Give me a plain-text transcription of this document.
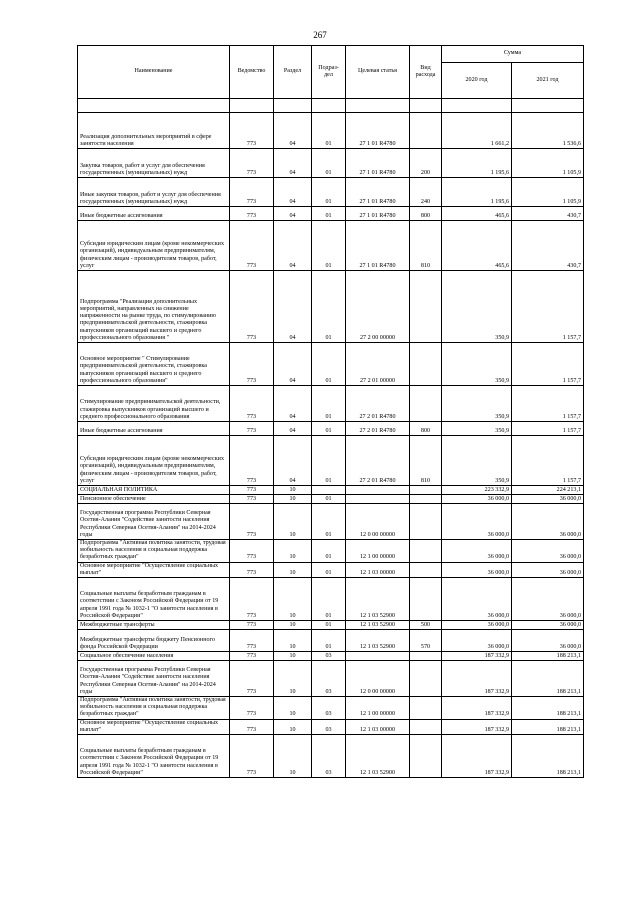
267
Наименование	Ведомство	Раздел	Подраз-дел	Целевая статья	Вид расхода	Сумма	
						2020 год	2021 год

Реализация дополнительных мероприятий в сфере занятости населения	773	04	01	27 1 01 R4780		1 661,2	1 536,6
Закупка товаров, работ и услуг для обеспечения государственных (муниципальных) нужд	773	04	01	27 1 01 R4780	200	1 195,6	1 105,9
Иные закупки товаров, работ и услуг для обеспечения государственных (муниципальных) нужд	773	04	01	27 1 01 R4780	240	1 195,6	1 105,9
Иные бюджетные ассигнования	773	04	01	27 1 01 R4780	800	465,6	430,7
Субсидии юридическим лицам (кроме некоммерческих организаций), индивидуальным предпринимателям, физическим лицам - производителям товаров, работ, услуг	773	04	01	27 1 01 R4780	810	465,6	430,7
Подпрограмма "Реализация дополнительных мероприятий, направленных на снижение напряженности на рынке труда, по стимулированию предпринимательской деятельности, стажировка выпускников организаций высшего и среднего профессионального образования "	773	04	01	27 2 00 00000		350,9	1 157,7
Основное мероприятие " Стимулирование предпринимательской деятельности, стажировка выпускников организаций высшего и среднего профессионального образования"	773	04	01	27 2 01 00000		350,9	1 157,7
Стимулирование предпринимательской деятельности, стажировка выпускников организаций высшего и среднего профессионального образования	773	04	01	27 2 01 R4780		350,9	1 157,7
Иные бюджетные ассигнования	773	04	01	27 2 01 R4780	800	350,9	1 157,7
Субсидии юридическим лицам (кроме некоммерческих организаций), индивидуальным предпринимателям, физическим лицам - производителям товаров, работ, услуг	773	04	01	27 2 01 R4780	810	350,9	1 157,7
СОЦИАЛЬНАЯ ПОЛИТИКА	773	10				223 332,9	224 213,1
Пенсионное обеспечение	773	10	01			36 000,0	36 000,0
Государственная программа Республики Северная Осетия-Алания "Содействие занятости населения Республики Северная Осетия-Алания" на 2014-2024 годы	773	10	01	12 0 00 00000		36 000,0	36 000,0
Подпрограмма "Активная политика занятости, трудовая мобильность населения и социальная поддержка безработных граждан"	773	10	01	12 1 00 00000		36 000,0	36 000,0
Основное мероприятие "Осуществление социальных выплат"	773	10	01	12 1 03 00000		36 000,0	36 000,0
Социальные выплаты безработным гражданам в соответствии с Законом Российской Федерации от 19 апреля 1991 года № 1032-1 "О занятости населения в Российской Федерации"	773	10	01	12 1 03 52900		36 000,0	36 000,0
Межбюджетные трансферты	773	10	01	12 1 03 52900	500	36 000,0	36 000,0
Межбюджетные трансферты бюджету Пенсионного фонда Российской Федерации	773	10	01	12 1 03 52900	570	36 000,0	36 000,0
Социальное обеспечение населения	773	10	03			187 332,9	188 213,1
Государственная программа Республики Северная Осетия-Алания "Содействие занятости населения Республики Северная Осетия-Алания" на 2014-2024 годы	773	10	03	12 0 00 00000		187 332,9	188 213,1
Подпрограмма "Активная политика занятости, трудовая мобильность населения и социальная поддержка безработных граждан"	773	10	03	12 1 00 00000		187 332,9	188 213,1
Основное мероприятие "Осуществление социальных выплат"	773	10	03	12 1 03 00000		187 332,9	188 213,1
Социальные выплаты безработным гражданам в соответствии с Законом Российской Федерации от 19 апреля 1991 года № 1032-1 "О занятости населения в Российской Федерации"	773	10	03	12 1 03 52900		187 332,9	188 213,1
